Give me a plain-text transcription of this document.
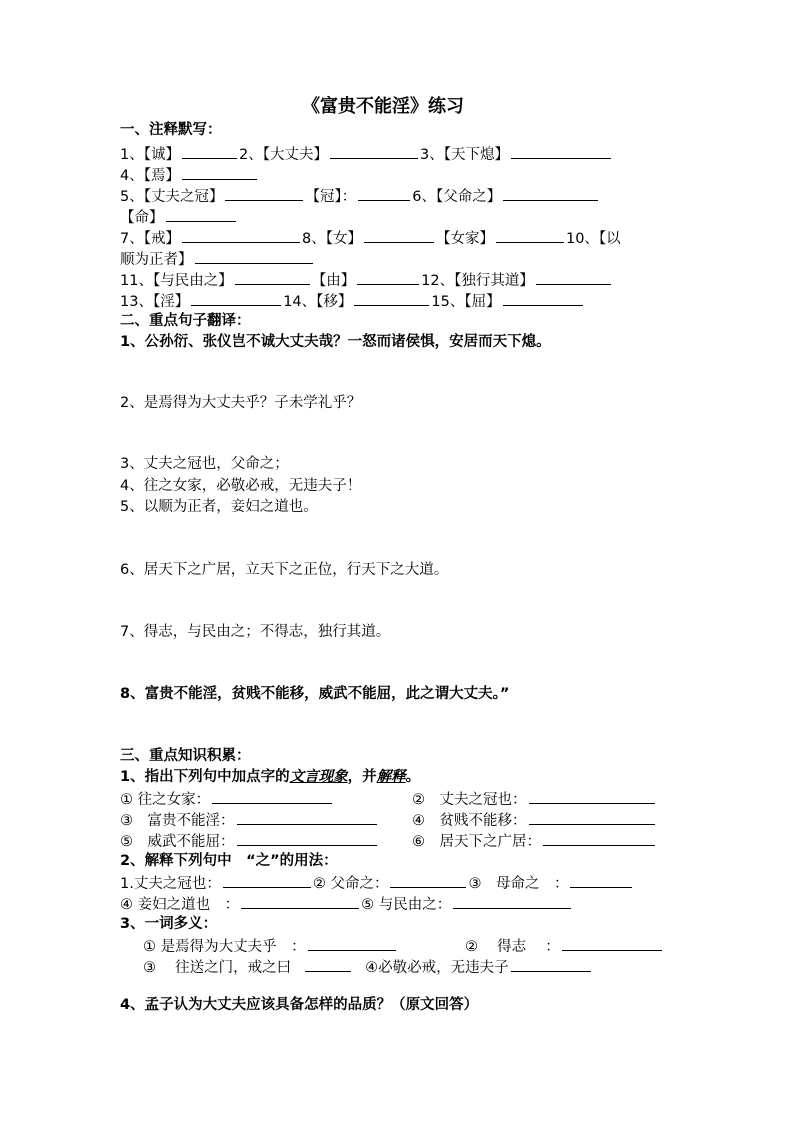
《富贵不能淫》练习
一、注释默写：
1、【诚】	2、【大丈夫】	3、【天下熄】
4、【焉】
5、【丈夫之冠】	【冠】：	6、【父命之】
【命】
7、【戒】	8、【女】	【女家】	10、【以
顺为正者】
11、【与民由之】	【由】	12、【独行其道】
13、【淫】	14、【移】	15、【屈】
二、重点句子翻译：
1、公孙衍、张仪岂不诚大丈夫哉？一怒而诸侯惧，安居而天下熄。
2、是焉得为大丈夫乎？子未学礼乎？
3、丈夫之冠也，父命之；
4、往之女家，必敬必戒，无违夫子！
5、以顺为正者，妾妇之道也。
6、居天下之广居，立天下之正位，行天下之大道。
7、得志，与民由之；不得志，独行其道。
8、富贵不能淫，贫贱不能移，威武不能屈，此之谓大丈夫。”
三、重点知识积累：
1、指出下列句中加点字的文言现象，并解释。
① 往之女家：	②　丈夫之冠也：
③　富贵不能淫：	④　贫贱不能移：
⑤　威武不能屈：	⑥　居天下之广居：
2、解释下列句中　“之”的用法：
1.丈夫之冠也：	② 父命之：	③　母命之　：
④ 妾妇之道也　：	⑤ 与民由之：
3、一词多义：
① 是焉得为大丈夫乎　：	②　 得志　 ：
③　 往送之门，戒之曰	④必敬必戒，无违夫子
4、孟子认为大丈夫应该具备怎样的品质？（原文回答）
